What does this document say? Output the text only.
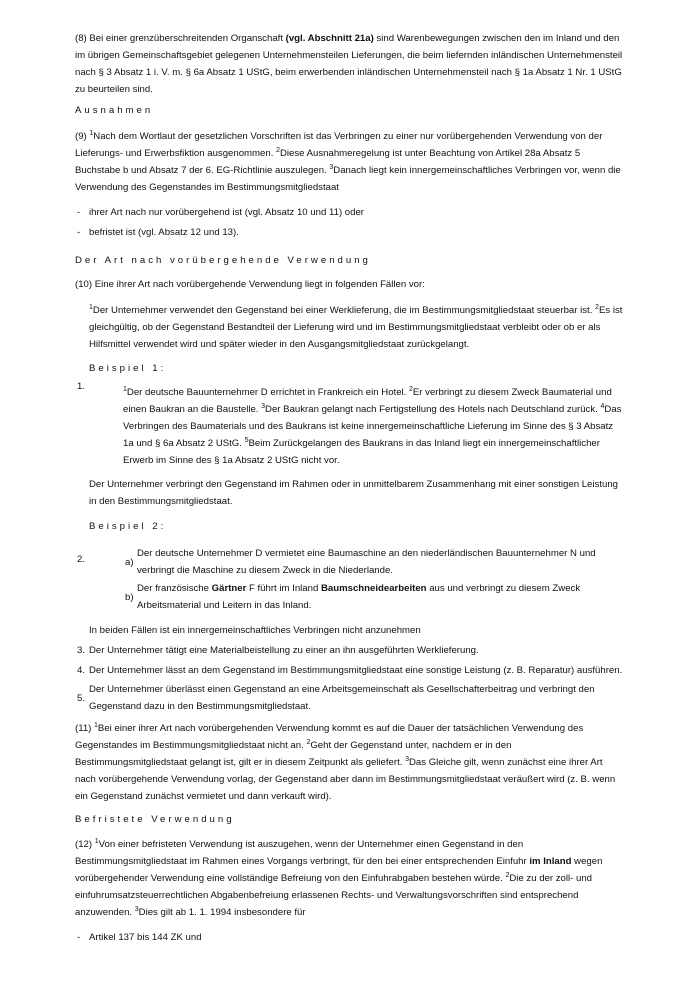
(8) Bei einer grenzüberschreitenden Organschaft (vgl. Abschnitt 21a) sind Warenbewegungen zwischen den im Inland und den im übrigen Gemeinschaftsgebiet gelegenen Unternehmensteilen Lieferungen, die beim liefernden inländischen Unternehmensteil nach § 3 Absatz 1 i. V. m. § 6a Absatz 1 UStG, beim erwerbenden inländischen Unternehmensteil nach § 1a Absatz 1 Nr. 1 UStG zu beurteilen sind.

Ausnahmen

(9) $^1$Nach dem Wortlaut der gesetzlichen Vorschriften ist das Verbringen zu einer nur vorübergehenden Verwendung von der Lieferungs- und Erwerbsfiktion ausgenommen. $^2$Diese Ausnahmeregelung ist unter Beachtung von Artikel 28a Absatz 5 Buchstabe b und Absatz 7 der 6. EG-Richtlinie auszulegen. $^3$Danach liegt kein innergemeinschaftliches Verbringen vor, wenn die Verwendung des Gegenstandes im Bestimmungsmitgliedstaat

- ihrer Art nach nur vorübergehend ist (vgl. Absatz 10 und 11) oder
- befristet ist (vgl. Absatz 12 und 13).

Der Art nach vorübergehende Verwendung

(10) Eine ihrer Art nach vorübergehende Verwendung liegt in folgenden Fällen vor:

$^1$Der Unternehmer verwendet den Gegenstand bei einer Werklieferung, die im Bestimmungsmitgliedstaat steuerbar ist. $^2$Es ist gleichgültig, ob der Gegenstand Bestandteil der Lieferung wird und im Bestimmungsmitgliedstaat verbleibt oder ob er als Hilfsmittel verwendet wird und später wieder in den Ausgangsmitgliedstaat zurückgelangt.

Beispiel 1:

1.	$^1$Der deutsche Bauunternehmer D errichtet in Frankreich ein Hotel. $^2$Er verbringt zu diesem Zweck Baumaterial und einen Baukran an die Baustelle. $^3$Der Baukran gelangt nach Fertigstellung des Hotels nach Deutschland zurück. $^4$Das Verbringen des Baumaterials und des Baukrans ist keine innergemeinschaftliche Lieferung im Sinne des § 3 Absatz 1a und § 6a Absatz 2 UStG. $^5$Beim Zurückgelangen des Baukrans in das Inland liegt ein innergemeinschaftlicher Erwerb im Sinne des § 1a Absatz 2 UStG nicht vor.

Der Unternehmer verbringt den Gegenstand im Rahmen oder in unmittelbarem Zusammenhang mit einer sonstigen Leistung in den Bestimmungsmitgliedstaat.

Beispiel 2:

2.	a)

Der deutsche Unternehmer D vermietet eine Baumaschine an den niederländischen Bauunternehmer N und verbringt die Maschine zu diesem Zweck in die Niederlande.

b)

Der französische Gärtner F führt im Inland Baumschneidearbeiten aus und verbringt zu diesem Zweck Arbeitsmaterial und Leitern in das Inland.

In beiden Fällen ist ein innergemeinschaftliches Verbringen nicht anzunehmen

3. Der Unternehmer tätigt eine Materialbeistellung zu einer an ihn ausgeführten Werklieferung.

4. Der Unternehmer lässt an dem Gegenstand im Bestimmungsmitgliedstaat eine sonstige Leistung (z. B. Reparatur) ausführen.

5.

Der Unternehmer überlässt einen Gegenstand an eine Arbeitsgemeinschaft als Gesellschafterbeitrag und verbringt den Gegenstand dazu in den Bestimmungsmitgliedstaat.

(11) $^1$Bei einer ihrer Art nach vorübergehenden Verwendung kommt es auf die Dauer der tatsächlichen Verwendung des Gegenstandes im Bestimmungsmitgliedstaat nicht an. $^2$Geht der Gegenstand unter, nachdem er in den Bestimmungsmitgliedstaat gelangt ist, gilt er in diesem Zeitpunkt als geliefert. $^3$Das Gleiche gilt, wenn zunächst eine ihrer Art nach vorübergehende Verwendung vorlag, der Gegenstand aber dann im Bestimmungsmitgliedstaat veräußert wird (z. B. wenn ein Gegenstand zunächst vermietet und dann verkauft wird).

Befristete Verwendung

(12) $^1$Von einer befristeten Verwendung ist auszugehen, wenn der Unternehmer einen Gegenstand in den Bestimmungsmitgliedstaat im Rahmen eines Vorgangs verbringt, für den bei einer entsprechenden Einfuhr im Inland wegen vorübergehender Verwendung eine vollständige Befreiung von den Einfuhrabgaben bestehen würde. $^2$Die zu der zoll- und einfuhrumsatzsteuerrechtlichen Abgabenbefreiung erlassenen Rechts- und Verwaltungsvorschriften sind entsprechend anzuwenden. $^3$Dies gilt ab 1. 1. 1994 insbesondere für

- Artikel 137 bis 144 ZK und
